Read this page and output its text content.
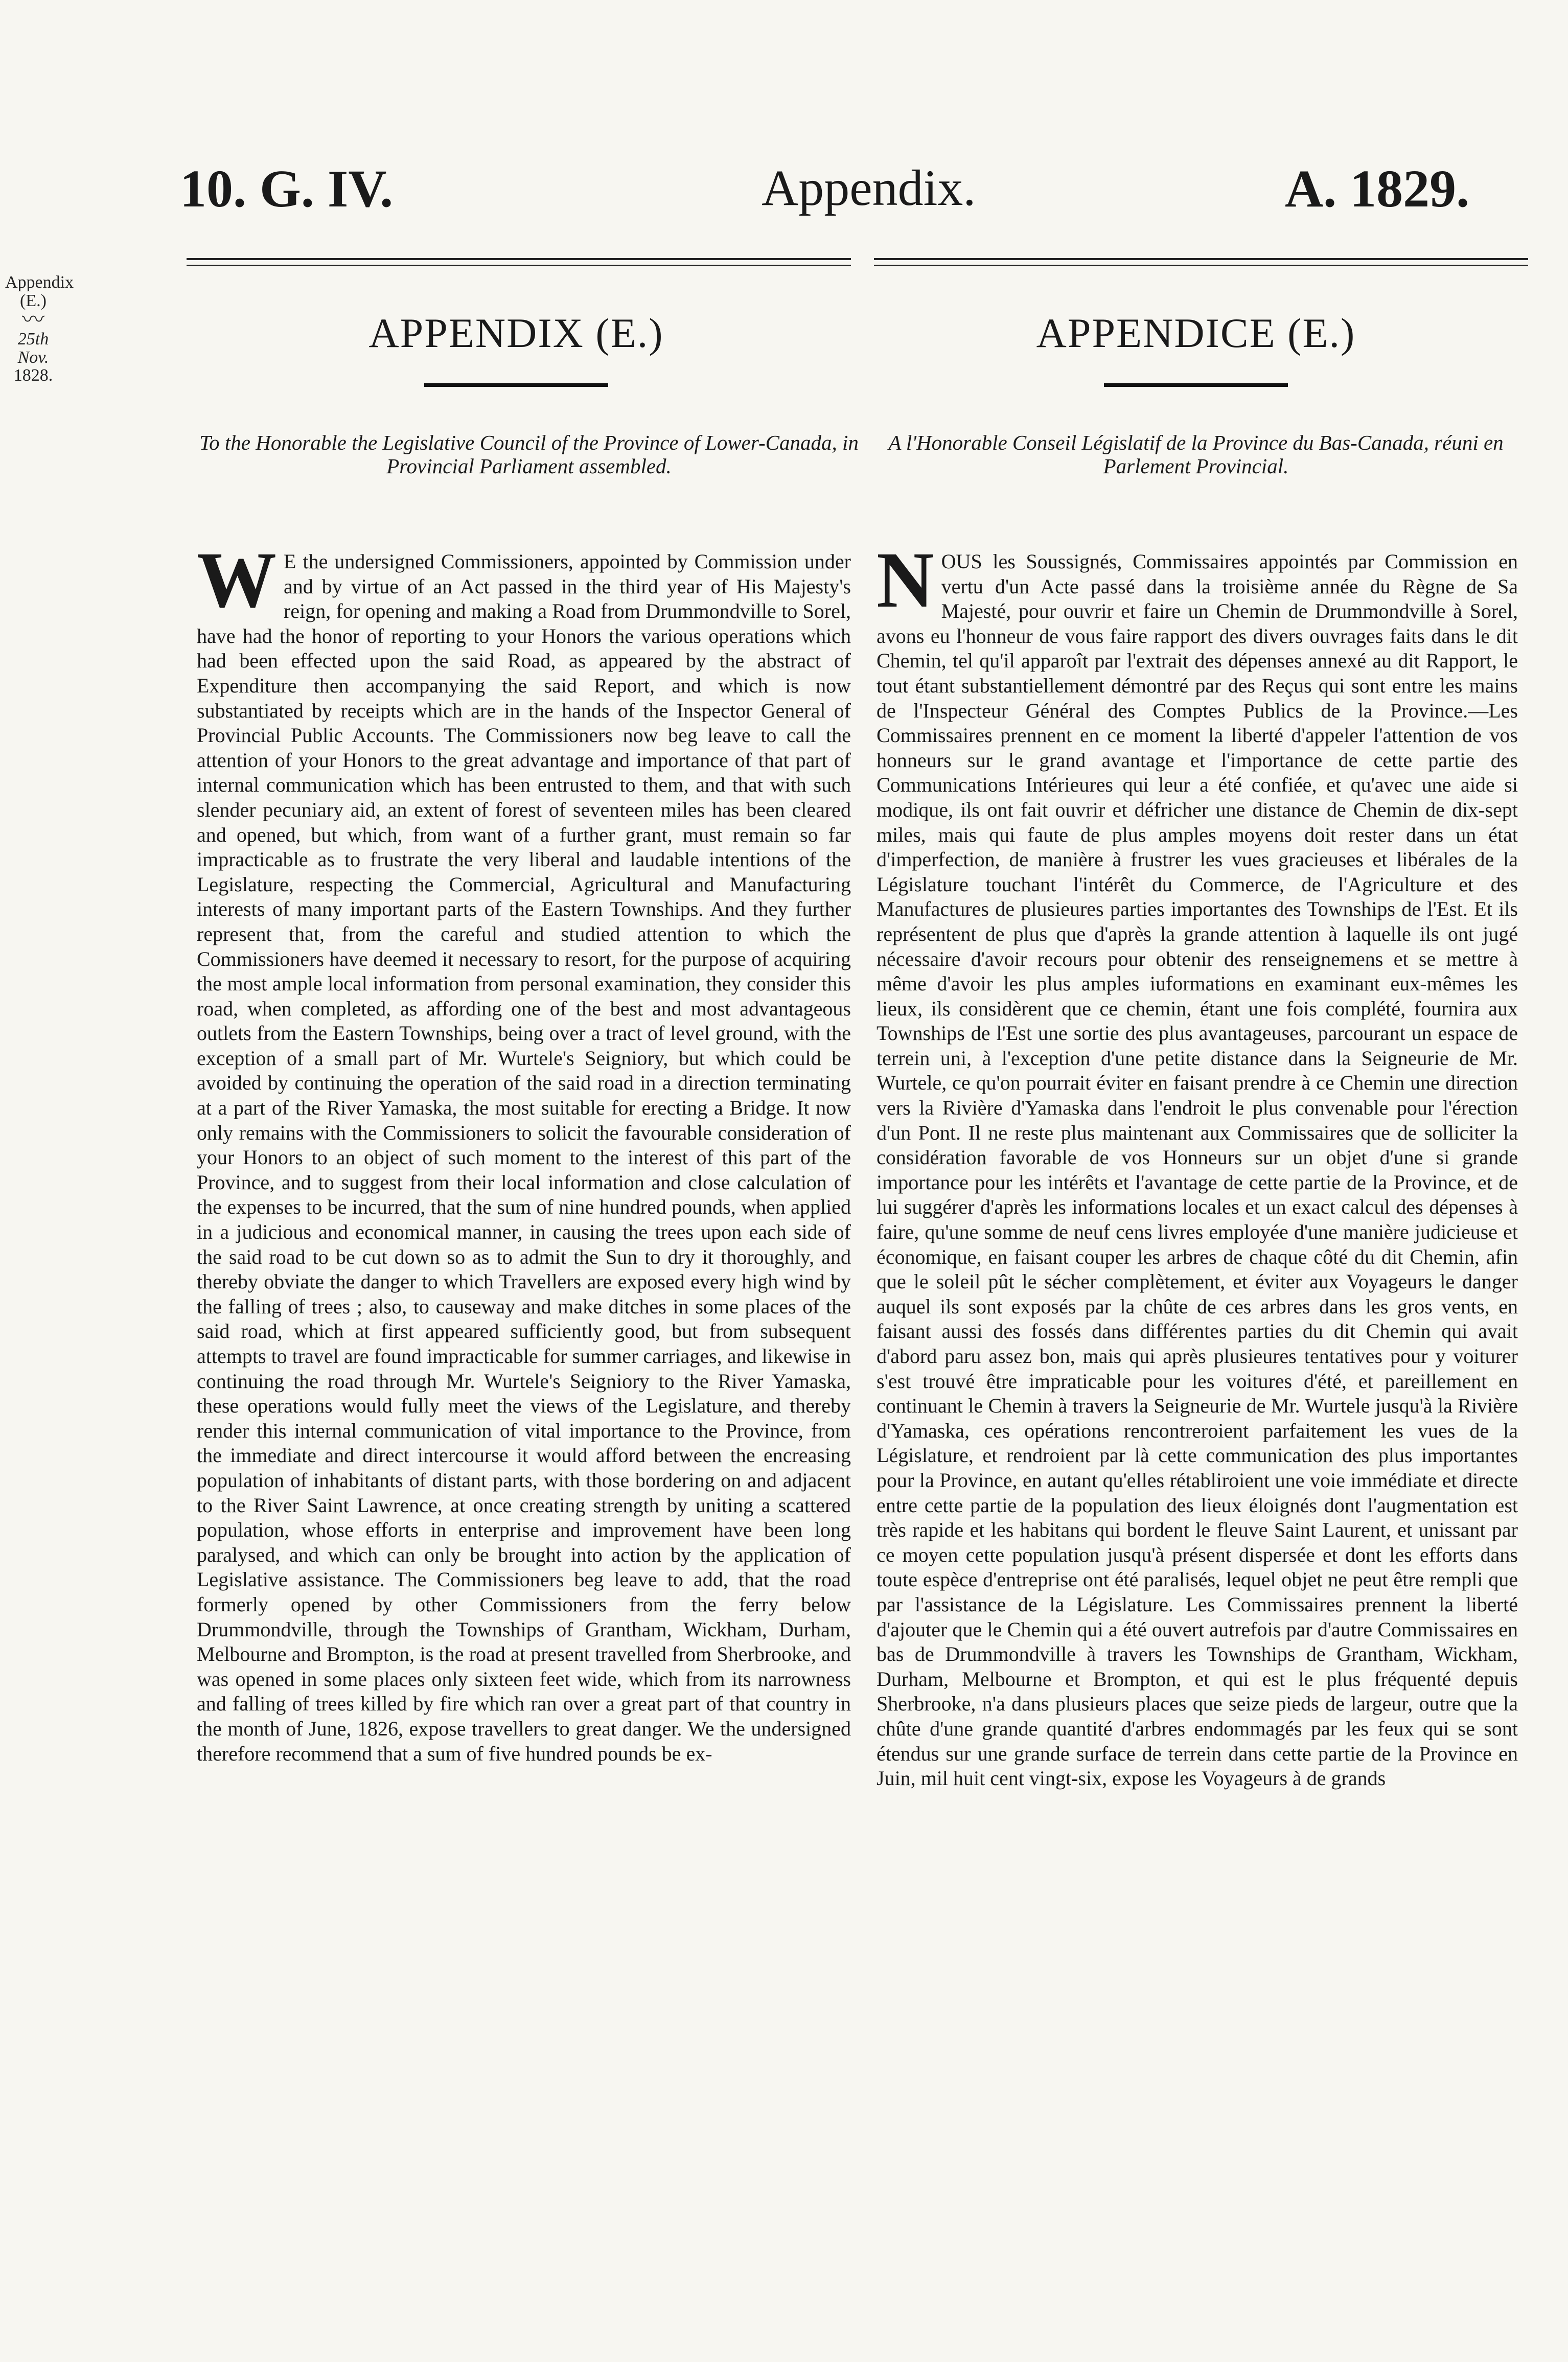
10. G. IV.	Appendix.	A. 1829.
Appendix
(E.)
〰
25th Nov.
1828.
APPENDIX (E.)
To the Honorable the Legislative Council of the Province of Lower-Canada, in Provincial Parliament assembled.
W E the undersigned Commissioners, appointed by Commission under and by virtue of an Act passed in the third year of His Majesty's reign, for opening and making a Road from Drummondville to Sorel, have had the honor of reporting to your Honors the various operations which had been effected upon the said Road, as appeared by the abstract of Expenditure then accompanying the said Report, and which is now substantiated by receipts which are in the hands of the Inspector General of Provincial Public Accounts. The Commissioners now beg leave to call the attention of your Honors to the great advantage and importance of that part of internal communication which has been entrusted to them, and that with such slender pecuniary aid, an extent of forest of seventeen miles has been cleared and opened, but which, from want of a further grant, must remain so far impracticable as to frustrate the very liberal and laudable intentions of the Legislature, respecting the Commercial, Agricultural and Manufacturing interests of many important parts of the Eastern Townships. And they further represent that, from the careful and studied attention to which the Commissioners have deemed it necessary to resort, for the purpose of acquiring the most ample local information from personal examination, they consider this road, when completed, as affording one of the best and most advantageous outlets from the Eastern Townships, being over a tract of level ground, with the exception of a small part of Mr. Wurtele's Seigniory, but which could be avoided by continuing the operation of the said road in a direction terminating at a part of the River Yamaska, the most suitable for erecting a Bridge. It now only remains with the Commissioners to solicit the favourable consideration of your Honors to an object of such moment to the interest of this part of the Province, and to suggest from their local information and close calculation of the expenses to be incurred, that the sum of nine hundred pounds, when applied in a judicious and economical manner, in causing the trees upon each side of the said road to be cut down so as to admit the Sun to dry it thoroughly, and thereby obviate the danger to which Travellers are exposed every high wind by the falling of trees ; also, to causeway and make ditches in some places of the said road, which at first appeared sufficiently good, but from subsequent attempts to travel are found impracticable for summer carriages, and likewise in continuing the road through Mr. Wurtele's Seigniory to the River Yamaska, these operations would fully meet the views of the Legislature, and thereby render this internal communication of vital importance to the Province, from the immediate and direct intercourse it would afford between the encreasing population of inhabitants of distant parts, with those bordering on and adjacent to the River Saint Lawrence, at once creating strength by uniting a scattered population, whose efforts in enterprise and improvement have been long paralysed, and which can only be brought into action by the application of Legislative assistance. The Commissioners beg leave to add, that the road formerly opened by other Commissioners from the ferry below Drummondville, through the Townships of Grantham, Wickham, Durham, Melbourne and Brompton, is the road at present travelled from Sherbrooke, and was opened in some places only sixteen feet wide, which from its narrowness and falling of trees killed by fire which ran over a great part of that country in the month of June, 1826, expose travellers to great danger. We the undersigned therefore recommend that a sum of five hundred pounds be ex-
APPENDICE (E.)
A l'Honorable Conseil Législatif de la Province du Bas-Canada, réuni en Parlement Provincial.
NOUS les Soussignés, Commissaires appointés par Commission en vertu d'un Acte passé dans la troisième année du Règne de Sa Majesté, pour ouvrir et faire un Chemin de Drummondville à Sorel, avons eu l'honneur de vous faire rapport des divers ouvrages faits dans le dit Chemin, tel qu'il apparoît par l'extrait des dépenses annexé au dit Rapport, le tout étant substantiellement démontré par des Reçus qui sont entre les mains de l'Inspecteur Général des Comptes Publics de la Province.—Les Commissaires prennent en ce moment la liberté d'appeler l'attention de vos honneurs sur le grand avantage et l'importance de cette partie des Communications Intérieures qui leur a été confiée, et qu'avec une aide si modique, ils ont fait ouvrir et défricher une distance de Chemin de dix-sept miles, mais qui faute de plus amples moyens doit rester dans un état d'imperfection, de manière à frustrer les vues gracieuses et libérales de la Législature touchant l'intérêt du Commerce, de l'Agriculture et des Manufactures de plusieures parties importantes des Townships de l'Est. Et ils représentent de plus que d'après la grande attention à laquelle ils ont jugé nécessaire d'avoir recours pour obtenir des renseignemens et se mettre à même d'avoir les plus amples iuformations en examinant eux-mêmes les lieux, ils considèrent que ce chemin, étant une fois complété, fournira aux Townships de l'Est une sortie des plus avantageuses, parcourant un espace de terrein uni, à l'exception d'une petite distance dans la Seigneurie de Mr. Wurtele, ce qu'on pourrait éviter en faisant prendre à ce Chemin une direction vers la Rivière d'Yamaska dans l'endroit le plus convenable pour l'érection d'un Pont. Il ne reste plus maintenant aux Commissaires que de solliciter la considération favorable de vos Honneurs sur un objet d'une si grande importance pour les intérêts et l'avantage de cette partie de la Province, et de lui suggérer d'après les informations locales et un exact calcul des dépenses à faire, qu'une somme de neuf cens livres employée d'une manière judicieuse et économique, en faisant couper les arbres de chaque côté du dit Chemin, afin que le soleil pût le sécher complètement, et éviter aux Voyageurs le danger auquel ils sont exposés par la chûte de ces arbres dans les gros vents, en faisant aussi des fossés dans différentes parties du dit Chemin qui avait d'abord paru assez bon, mais qui après plusieures tentatives pour y voiturer s'est trouvé être impraticable pour les voitures d'été, et pareillement en continuant le Chemin à travers la Seigneurie de Mr. Wurtele jusqu'à la Rivière d'Yamaska, ces opérations rencontreroient parfaitement les vues de la Législature, et rendroient par là cette communication des plus importantes pour la Province, en autant qu'elles rétabliroient une voie immédiate et directe entre cette partie de la population des lieux éloignés dont l'augmentation est très rapide et les habitans qui bordent le fleuve Saint Laurent, et unissant par ce moyen cette population jusqu'à présent dispersée et dont les efforts dans toute espèce d'entreprise ont été paralisés, lequel objet ne peut être rempli que par l'assistance de la Législature. Les Commissaires prennent la liberté d'ajouter que le Chemin qui a été ouvert autrefois par d'autre Commissaires en bas de Drummondville à travers les Townships de Grantham, Wickham, Durham, Melbourne et Brompton, et qui est le plus fréquenté depuis Sherbrooke, n'a dans plusieurs places que seize pieds de largeur, outre que la chûte d'une grande quantité d'arbres endommagés par les feux qui se sont étendus sur une grande surface de terrein dans cette partie de la Province en Juin, mil huit cent vingt-six, expose les Voyageurs à de grands
